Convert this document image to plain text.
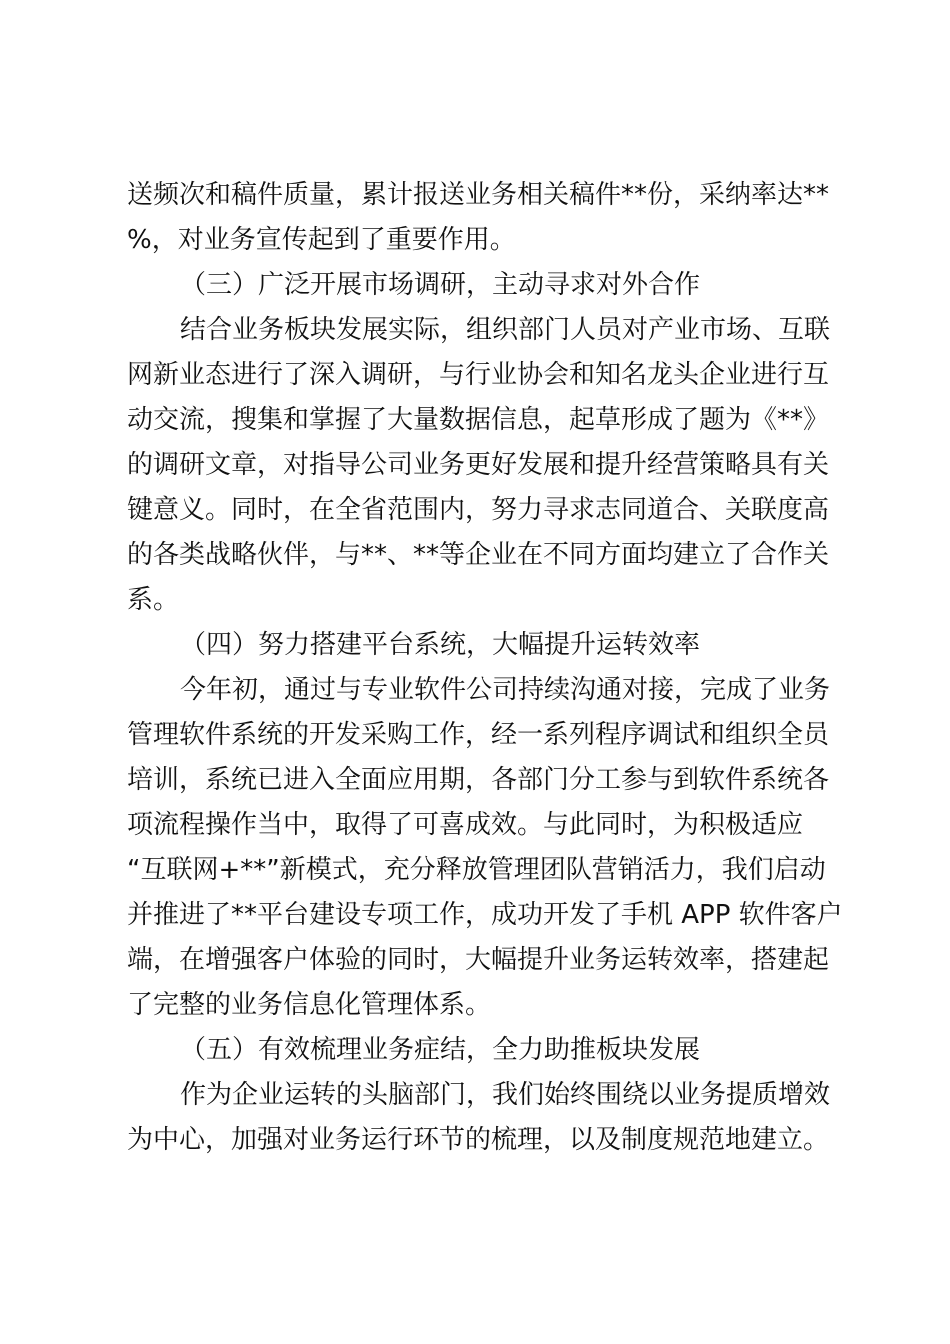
送频次和稿件质量，累计报送业务相关稿件**份，采纳率达**
%，对业务宣传起到了重要作用。
（三）广泛开展市场调研，主动寻求对外合作
结合业务板块发展实际，组织部门人员对产业市场、互联
网新业态进行了深入调研，与行业协会和知名龙头企业进行互
动交流，搜集和掌握了大量数据信息，起草形成了题为《**》
的调研文章，对指导公司业务更好发展和提升经营策略具有关
键意义。同时，在全省范围内，努力寻求志同道合、关联度高
的各类战略伙伴，与**、**等企业在不同方面均建立了合作关
系。
（四）努力搭建平台系统，大幅提升运转效率
今年初，通过与专业软件公司持续沟通对接，完成了业务
管理软件系统的开发采购工作，经一系列程序调试和组织全员
培训，系统已进入全面应用期，各部门分工参与到软件系统各
项流程操作当中，取得了可喜成效。与此同时，为积极适应
“互联网+**”新模式，充分释放管理团队营销活力，我们启动
并推进了**平台建设专项工作，成功开发了手机 APP 软件客户
端，在增强客户体验的同时，大幅提升业务运转效率，搭建起
了完整的业务信息化管理体系。
（五）有效梳理业务症结，全力助推板块发展
作为企业运转的头脑部门，我们始终围绕以业务提质增效
为中心，加强对业务运行环节的梳理，以及制度规范地建立。
